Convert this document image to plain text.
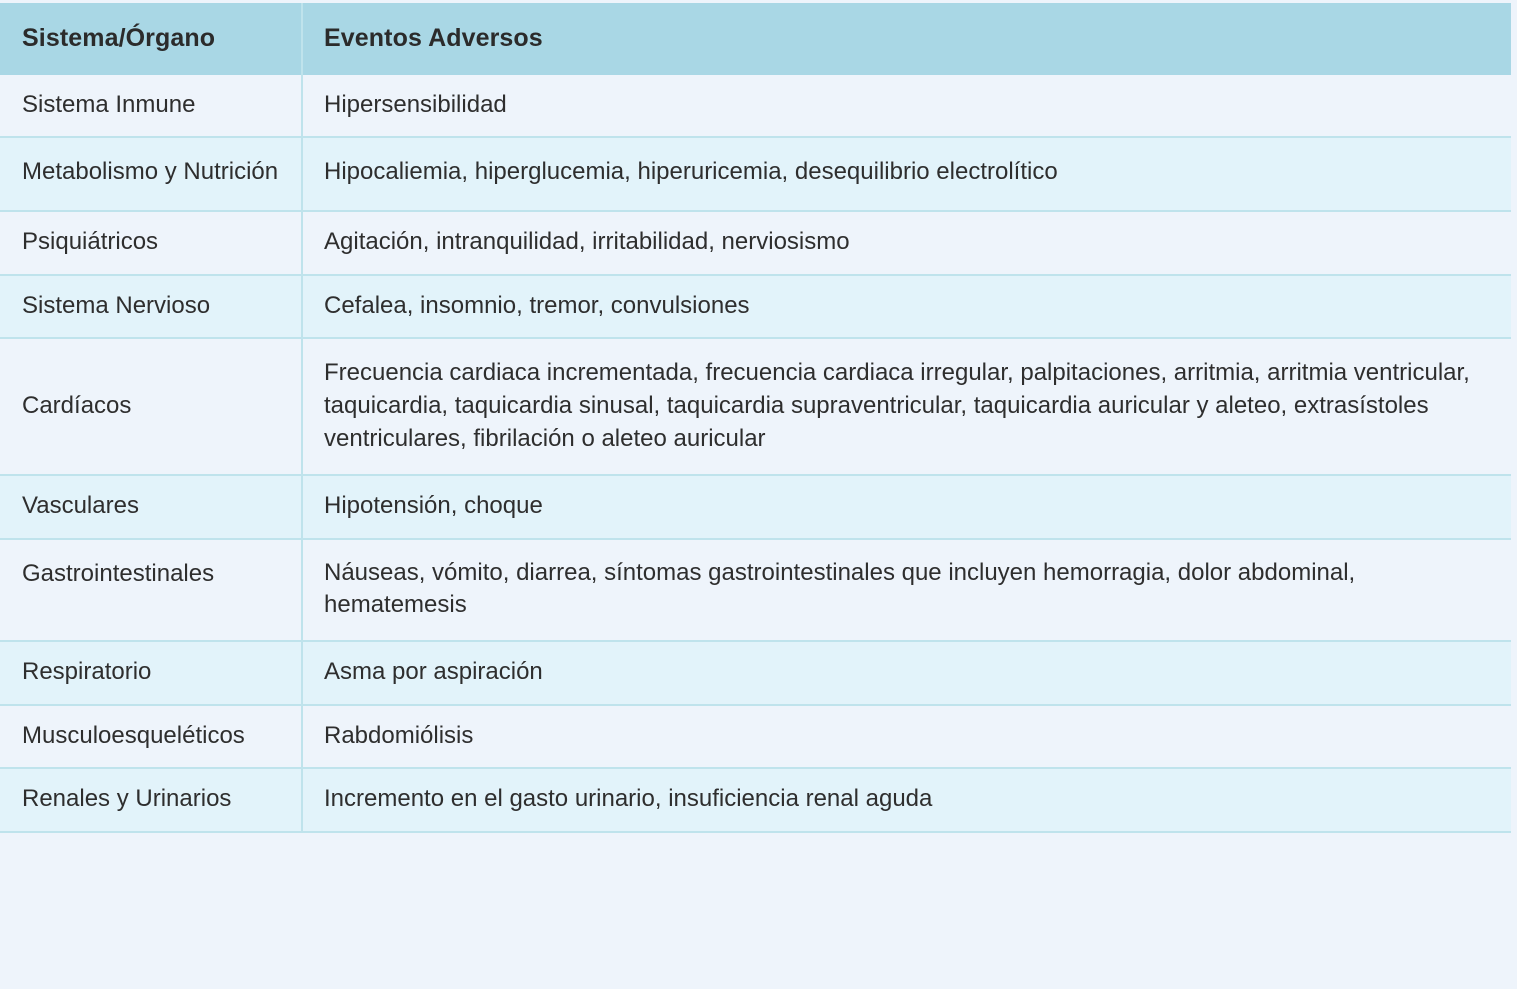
Sistema/Órgano	Eventos Adversos
Sistema Inmune	Hipersensibilidad
Metabolismo y Nutrición	Hipocaliemia, hiperglucemia, hiperuricemia, desequilibrio electrolítico
Psiquiátricos	Agitación, intranquilidad, irritabilidad, nerviosismo
Sistema Nervioso	Cefalea, insomnio, tremor, convulsiones
Cardíacos	Frecuencia cardiaca incrementada, frecuencia cardiaca irregular, palpitaciones, arritmia, arritmia ventricular, taquicardia, taquicardia sinusal, taquicardia supraventricular, taquicardia auricular y aleteo, extrasístoles ventriculares, fibrilación o aleteo auricular
Vasculares	Hipotensión, choque
Gastrointestinales	Náuseas, vómito, diarrea, síntomas gastrointestinales que incluyen hemorragia, dolor abdominal, hematemesis
Respiratorio	Asma por aspiración
Musculoesqueléticos	Rabdomiólisis
Renales y Urinarios	Incremento en el gasto urinario, insuficiencia renal aguda
